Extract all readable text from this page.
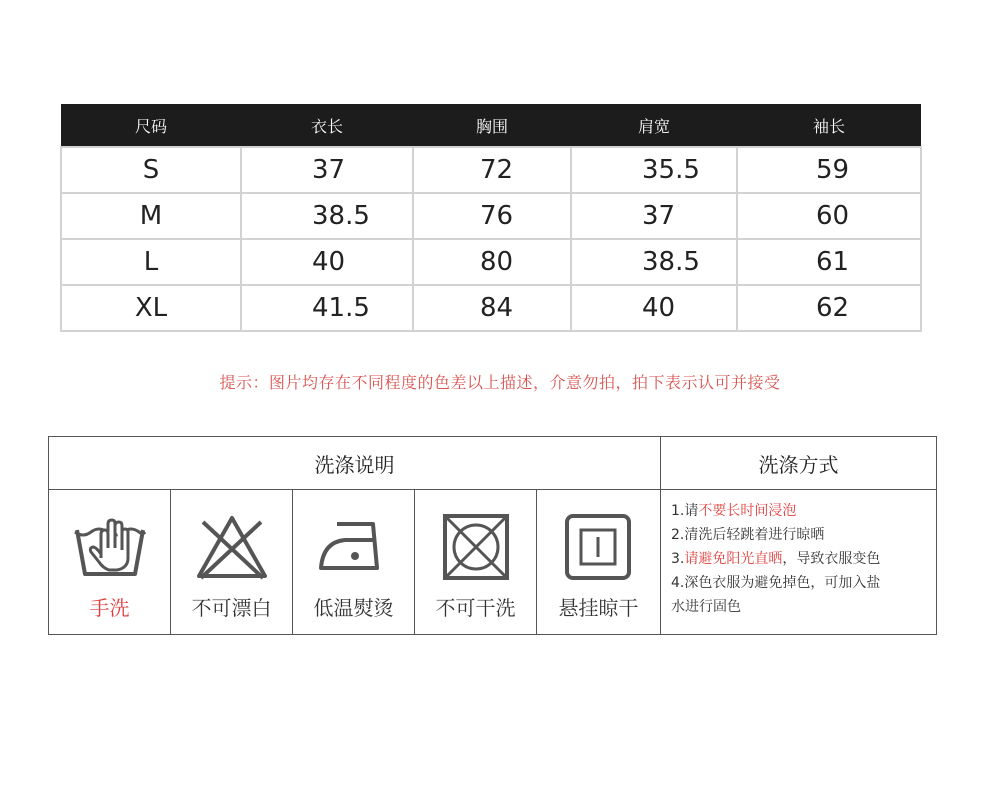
尺码	衣长	胸围	肩宽	袖长
S	37	72	35.5	59
M	38.5	76	37	60
L	40	80	38.5	61
XL	41.5	84	40	62
提示：图片均存在不同程度的色差以上描述，介意勿拍，拍下表示认可并接受
洗涤说明	洗涤方式
手洗	不可漂白	低温熨烫	不可干洗	悬挂晾干
1.请不要长时间浸泡
2.清洗后轻跳着进行晾晒
3.请避免阳光直晒，导致衣服变色
4.深色衣服为避免掉色，可加入盐
水进行固色
